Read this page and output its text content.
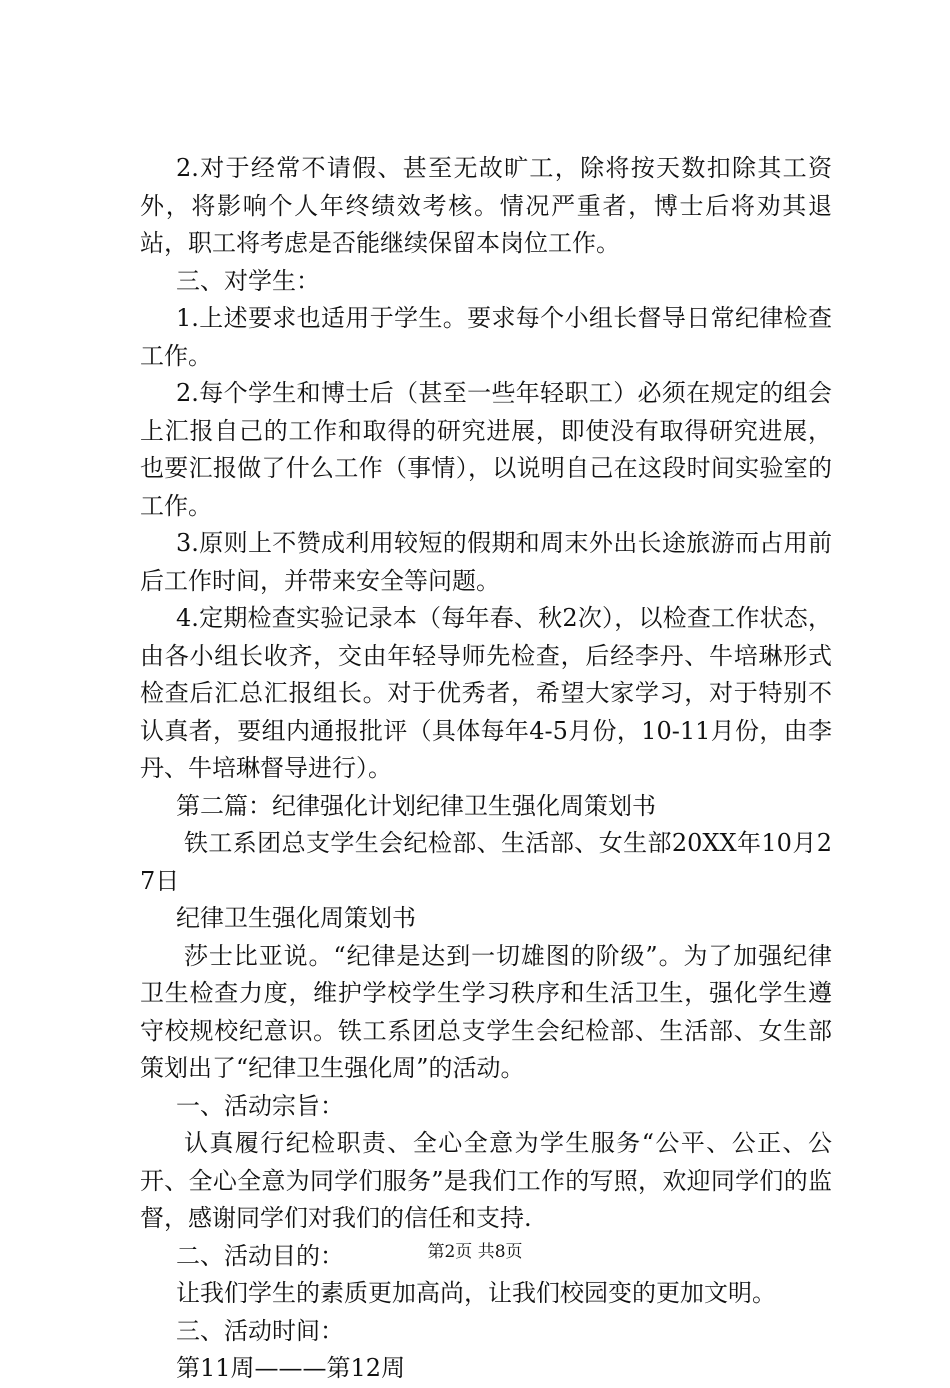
2.对于经常不请假、甚至无故旷工，除将按天数扣除其工资外，将影响个人年终绩效考核。情况严重者，博士后将劝其退站，职工将考虑是否能继续保留本岗位工作。

三、对学生：

1.上述要求也适用于学生。要求每个小组长督导日常纪律检查工作。

2.每个学生和博士后（甚至一些年轻职工）必须在规定的组会上汇报自己的工作和取得的研究进展，即使没有取得研究进展，也要汇报做了什么工作（事情），以说明自己在这段时间实验室的工作。

3.原则上不赞成利用较短的假期和周末外出长途旅游而占用前后工作时间，并带来安全等问题。

4.定期检查实验记录本（每年春、秋2次），以检查工作状态，由各小组长收齐，交由年轻导师先检查，后经李丹、牛培琳形式检查后汇总汇报组长。对于优秀者，希望大家学习，对于特别不认真者，要组内通报批评（具体每年4-5月份，10-11月份，由李丹、牛培琳督导进行）。

第二篇：纪律强化计划纪律卫生强化周策划书

铁工系团总支学生会纪检部、生活部、女生部20XX年10月27日

纪律卫生强化周策划书

莎士比亚说。“纪律是达到一切雄图的阶级”。为了加强纪律卫生检查力度，维护学校学生学习秩序和生活卫生，强化学生遵守校规校纪意识。铁工系团总支学生会纪检部、生活部、女生部策划出了“纪律卫生强化周”的活动。

一、活动宗旨：

认真履行纪检职责、全心全意为学生服务“公平、公正、公开、全心全意为同学们服务”是我们工作的写照，欢迎同学们的监督，感谢同学们对我们的信任和支持.

二、活动目的：

让我们学生的素质更加高尚，让我们校园变的更加文明。

三、活动时间：

第11周———第12周

第2页 共8页
